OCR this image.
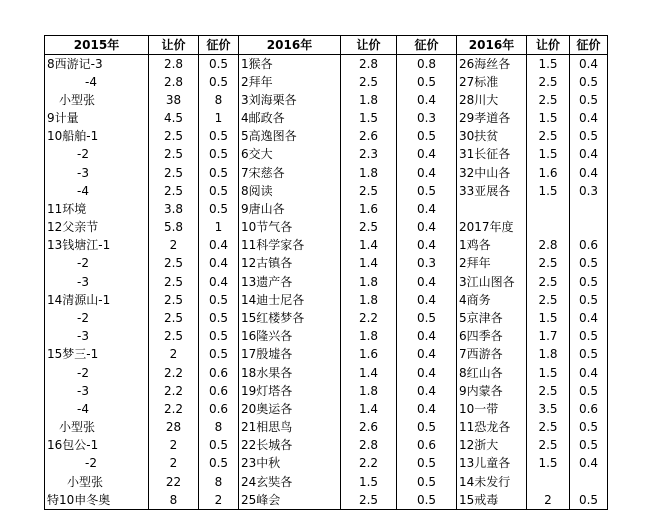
2015年	让价	征价	2016年	让价	征价	2016年	让价	征价
8西游记-3	2.8	0.5	1猴各	2.8	0.8	26海丝各	1.5	0.4
-4	2.8	0.5	2拜年	2.5	0.5	27标准	2.5	0.5
小型张	38	8	3刘海栗各	1.8	0.4	28川大	2.5	0.5
9计量	4.5	1	4邮政各	1.5	0.3	29孝道各	1.5	0.4
10船舶-1	2.5	0.5	5高逸图各	2.6	0.5	30扶贫	2.5	0.5
-2	2.5	0.5	6交大	2.3	0.4	31长征各	1.5	0.4
-3	2.5	0.5	7宋慈各	1.8	0.4	32中山各	1.6	0.4
-4	2.5	0.5	8阅读	2.5	0.5	33亚展各	1.5	0.3
11环境	3.8	0.5	9唐山各	1.6	0.4			
12父亲节	5.8	1	10节气各	2.5	0.4	2017年度		
13钱塘江-1	2	0.4	11科学家各	1.4	0.4	1鸡各	2.8	0.6
-2	2.5	0.4	12古镇各	1.4	0.3	2拜年	2.5	0.5
-3	2.5	0.4	13遗产各	1.8	0.4	3江山图各	2.5	0.5
14清源山-1	2.5	0.5	14迪士尼各	1.8	0.4	4商务	2.5	0.5
-2	2.5	0.5	15红楼梦各	2.2	0.5	5京津各	1.5	0.4
-3	2.5	0.5	16隆兴各	1.8	0.4	6四季各	1.7	0.5
15梦三-1	2	0.5	17殷墟各	1.6	0.4	7西游各	1.8	0.5
-2	2.2	0.6	18水果各	1.4	0.4	8红山各	1.5	0.4
-3	2.2	0.6	19灯塔各	1.8	0.4	9内蒙各	2.5	0.5
-4	2.2	0.6	20奥运各	1.4	0.4	10一带	3.5	0.6
小型张	28	8	21相思鸟	2.6	0.5	11恐龙各	2.5	0.5
16包公-1	2	0.5	22长城各	2.8	0.6	12浙大	2.5	0.5
-2	2	0.5	23中秋	2.2	0.5	13儿童各	1.5	0.4
小型张	22	8	24玄奘各	1.5	0.5	14未发行		
特10申冬奥	8	2	25峰会	2.5	0.5	15戒毒	2	0.5
